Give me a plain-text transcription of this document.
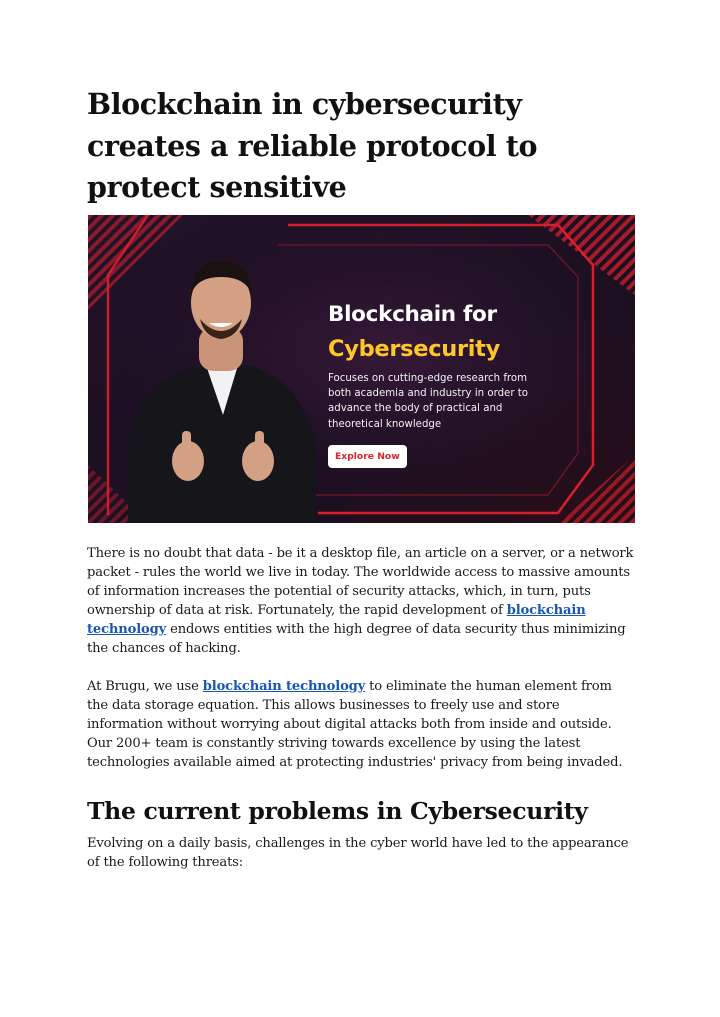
Blockchain in cybersecurity creates a reliable protocol to protect sensitive
Blockchain for
Cybersecurity
Focuses on cutting-edge research from both academia and industry in order to advance the body of practical and theoretical knowledge
Explore Now

There is no doubt that data - be it a desktop file, an article on a server, or a network packet - rules the world we live in today. The worldwide access to massive amounts of information increases the potential of security attacks, which, in turn, puts ownership of data at risk. Fortunately, the rapid development of blockchain technology endows entities with the high degree of data security thus minimizing the chances of hacking.

At Brugu, we use blockchain technology to eliminate the human element from the data storage equation. This allows businesses to freely use and store information without worrying about digital attacks both from inside and outside. Our 200+ team is constantly striving towards excellence by using the latest technologies available aimed at protecting industries' privacy from being invaded.

The current problems in Cybersecurity

Evolving on a daily basis, challenges in the cyber world have led to the appearance of the following threats:
